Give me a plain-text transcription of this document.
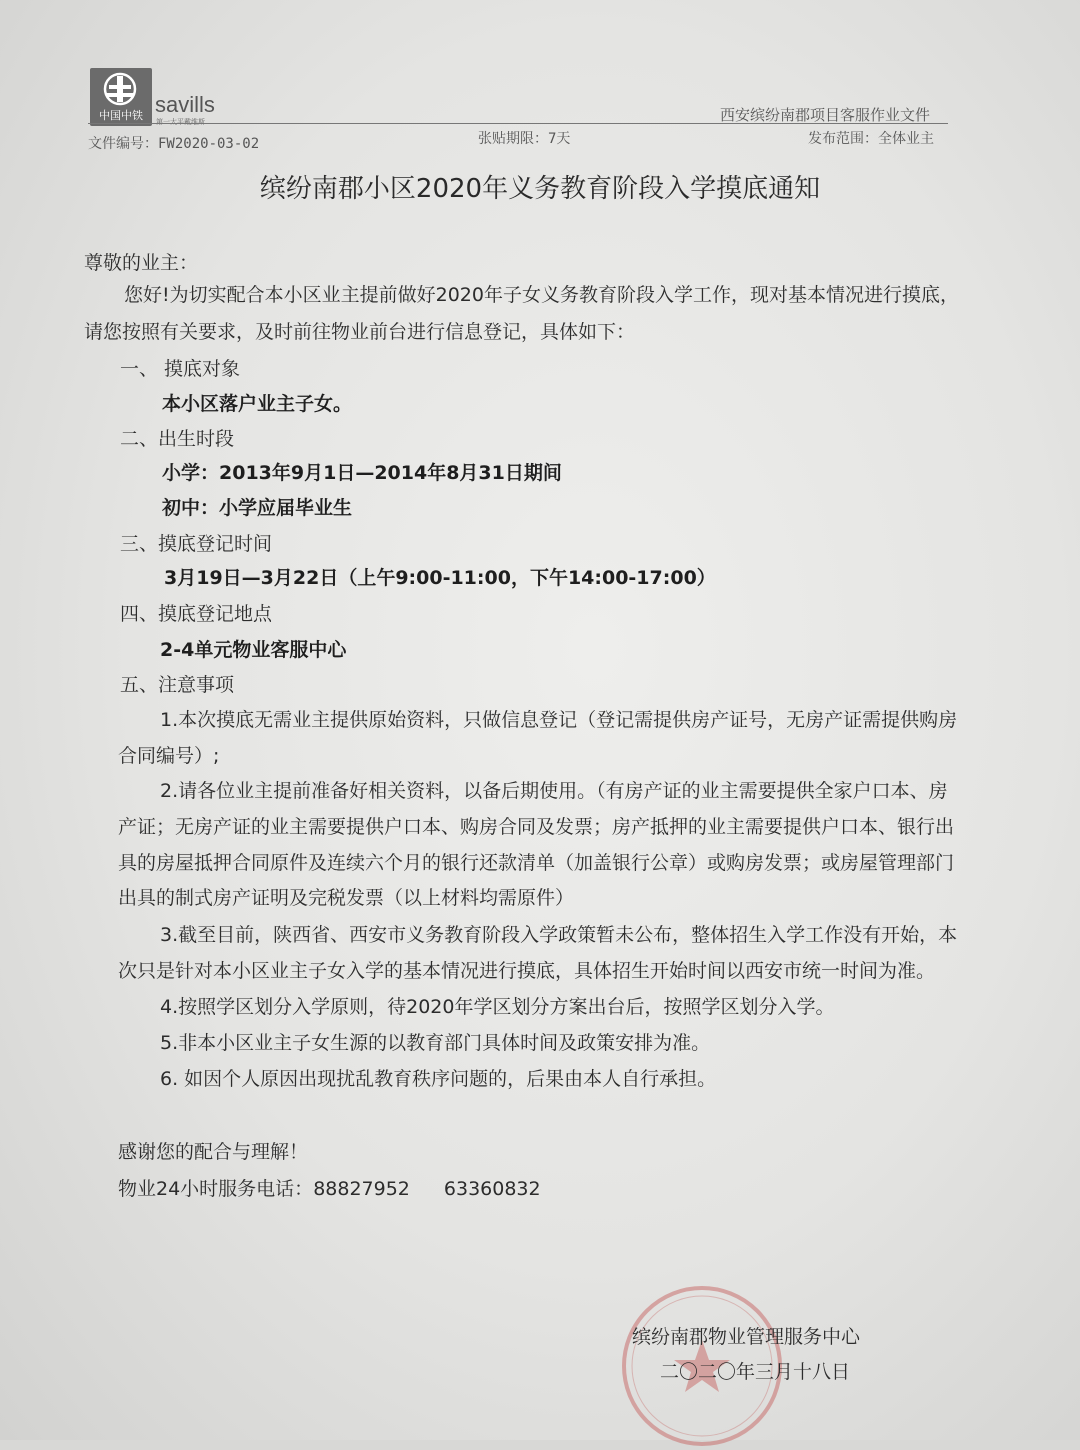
中国中铁 savills
第一太平戴维斯	西安缤纷南郡项目客服作业文件
文件编号：FW2020-03-02	张贴期限：7天	发布范围：全体业主
缤纷南郡小区2020年义务教育阶段入学摸底通知
尊敬的业主：
您好!为切实配合本小区业主提前做好2020年子女义务教育阶段入学工作，现对基本情况进行摸底，
请您按照有关要求，及时前往物业前台进行信息登记，具体如下：
一、 摸底对象
本小区落户业主子女。
二、出生时段
小学：2013年9月1日—2014年8月31日期间
初中：小学应届毕业生
三、摸底登记时间
3月19日—3月22日（上午9:00-11:00，下午14:00-17:00）
四、摸底登记地点
2-4单元物业客服中心
五、注意事项
1.本次摸底无需业主提供原始资料，只做信息登记（登记需提供房产证号，无房产证需提供购房
合同编号）;
2.请各位业主提前准备好相关资料，以备后期使用。（有房产证的业主需要提供全家户口本、房
产证；无房产证的业主需要提供户口本、购房合同及发票；房产抵押的业主需要提供户口本、银行出
具的房屋抵押合同原件及连续六个月的银行还款清单（加盖银行公章）或购房发票；或房屋管理部门
出具的制式房产证明及完税发票（以上材料均需原件）
3.截至目前，陕西省、西安市义务教育阶段入学政策暂未公布，整体招生入学工作没有开始，本
次只是针对本小区业主子女入学的基本情况进行摸底，具体招生开始时间以西安市统一时间为准。
4.按照学区划分入学原则，待2020年学区划分方案出台后，按照学区划分入学。
5.非本小区业主子女生源的以教育部门具体时间及政策安排为准。
6. 如因个人原因出现扰乱教育秩序问题的，后果由本人自行承担。
感谢您的配合与理解！
物业24小时服务电话：88827952 63360832
缤纷南郡物业管理服务中心
二〇二〇年三月十八日
